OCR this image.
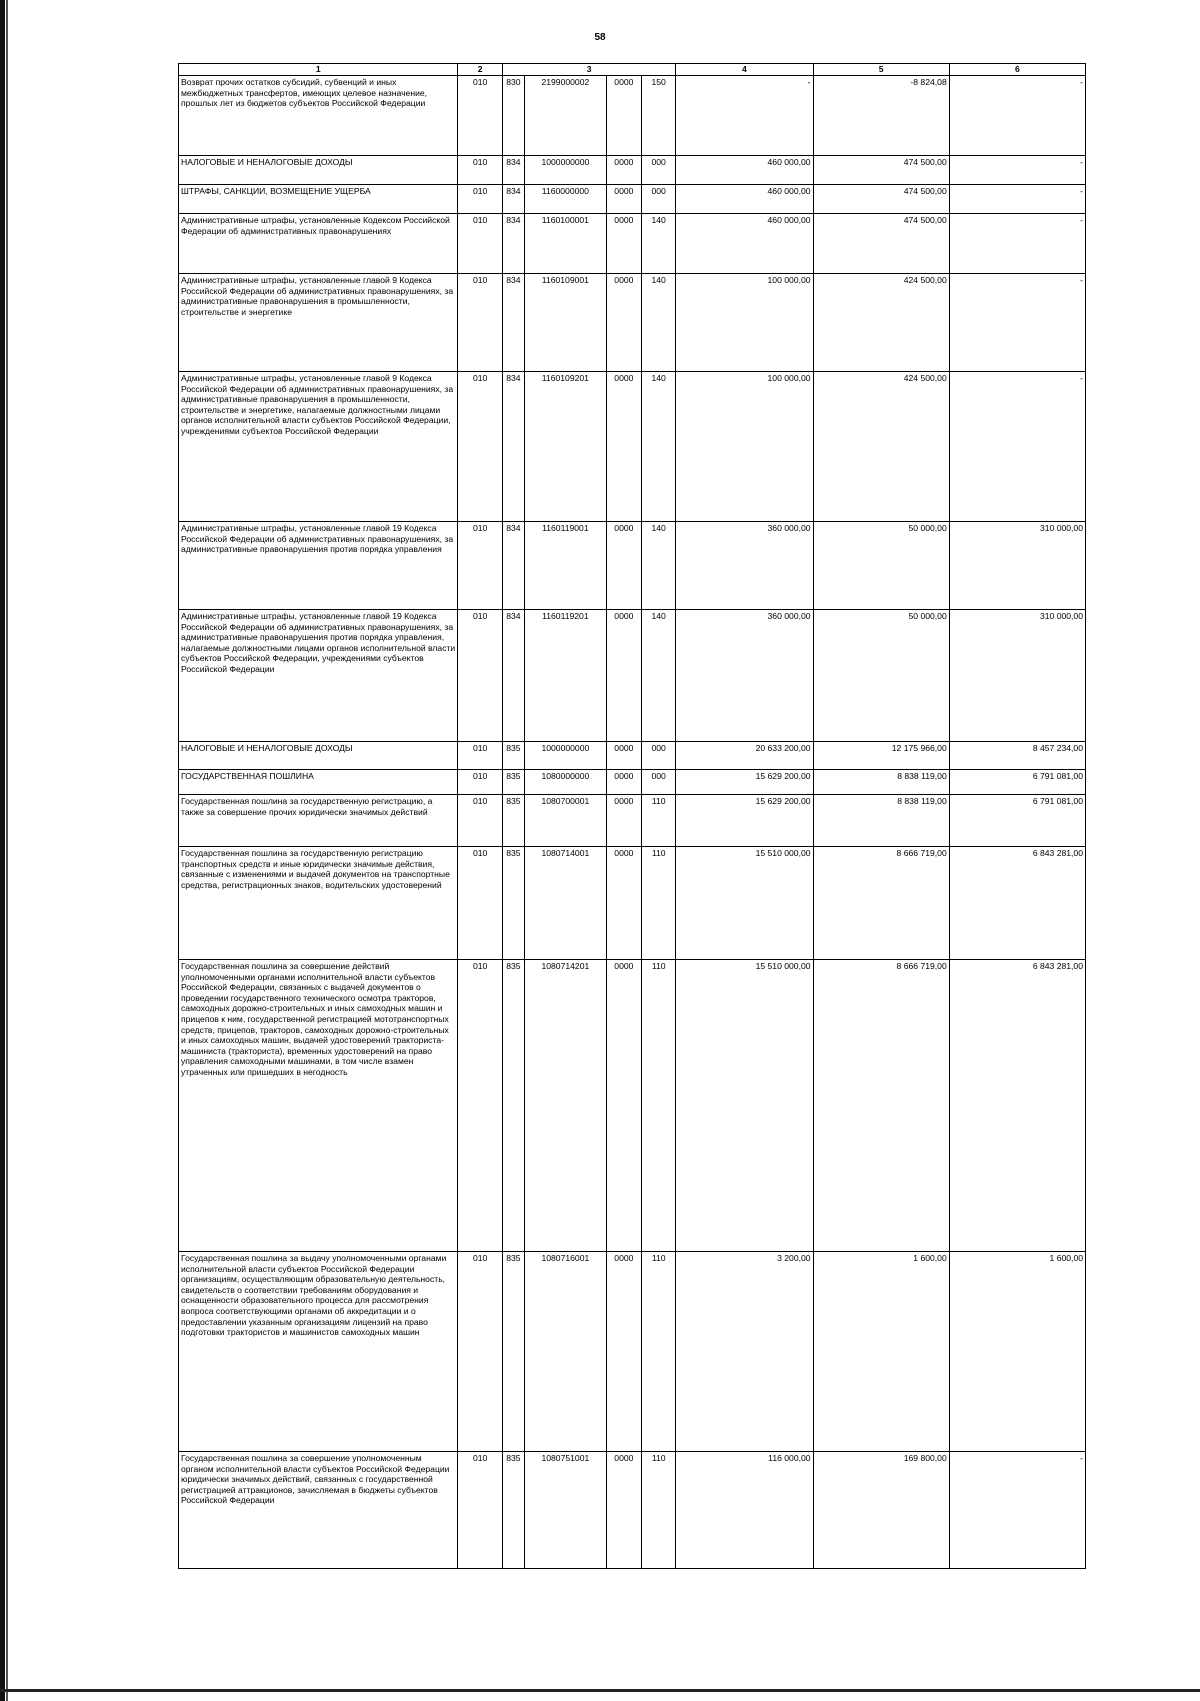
58
1	2	3				4	5	6
Возврат прочих остатков субсидий, субвенций и иных межбюджетных трансфертов, имеющих целевое назначение, прошлых лет из бюджетов субъектов Российской Федерации	010	830	2199000002	0000	150	-	-8 824,08	-
НАЛОГОВЫЕ И НЕНАЛОГОВЫЕ ДОХОДЫ	010	834	1000000000	0000	000	460 000,00	474 500,00	-
ШТРАФЫ, САНКЦИИ, ВОЗМЕЩЕНИЕ УЩЕРБА	010	834	1160000000	0000	000	460 000,00	474 500,00	-
Административные штрафы, установленные Кодексом Российской Федерации об административных правонарушениях	010	834	1160100001	0000	140	460 000,00	474 500,00	-
Административные штрафы, установленные главой 9 Кодекса Российской Федерации об административных правонарушениях, за административные правонарушения в промышленности, строительстве и энергетике	010	834	1160109001	0000	140	100 000,00	424 500,00	-
Административные штрафы, установленные главой 9 Кодекса Российской Федерации об административных правонарушениях, за административные правонарушения в промышленности, строительстве и энергетике, налагаемые должностными лицами органов исполнительной власти субъектов Российской Федерации, учреждениями субъектов Российской Федерации	010	834	1160109201	0000	140	100 000,00	424 500,00	-
Административные штрафы, установленные главой 19 Кодекса Российской Федерации об административных правонарушениях, за административные правонарушения против порядка управления	010	834	1160119001	0000	140	360 000,00	50 000,00	310 000,00
Административные штрафы, установленные главой 19 Кодекса Российской Федерации об административных правонарушениях, за административные правонарушения против порядка управления, налагаемые должностными лицами органов исполнительной власти субъектов Российской Федерации, учреждениями субъектов Российской Федерации	010	834	1160119201	0000	140	360 000,00	50 000,00	310 000,00
НАЛОГОВЫЕ И НЕНАЛОГОВЫЕ ДОХОДЫ	010	835	1000000000	0000	000	20 633 200,00	12 175 966,00	8 457 234,00
ГОСУДАРСТВЕННАЯ ПОШЛИНА	010	835	1080000000	0000	000	15 629 200,00	8 838 119,00	6 791 081,00
Государственная пошлина за государственную регистрацию, а также за совершение прочих юридически значимых действий	010	835	1080700001	0000	110	15 629 200,00	8 838 119,00	6 791 081,00
Государственная пошлина за государственную регистрацию транспортных средств и иные юридически значимые действия, связанные с изменениями и выдачей документов на транспортные средства, регистрационных знаков, водительских удостоверений	010	835	1080714001	0000	110	15 510 000,00	8 666 719,00	6 843 281,00
Государственная пошлина за совершение действий уполномоченными органами исполнительной власти субъектов Российской Федерации, связанных с выдачей документов о проведении государственного технического осмотра тракторов, самоходных дорожно-строительных и иных самоходных машин и прицепов к ним, государственной регистрацией мототранспортных средств, прицепов, тракторов, самоходных дорожно-строительных и иных самоходных машин, выдачей удостоверений тракториста-машиниста (тракториста), временных удостоверений на право управления самоходными машинами, в том числе взамен утраченных или пришедших в негодность	010	835	1080714201	0000	110	15 510 000,00	8 666 719,00	6 843 281,00
Государственная пошлина за выдачу уполномоченными органами исполнительной власти субъектов Российской Федерации организациям, осуществляющим образовательную деятельность, свидетельств о соответствии требованиям оборудования и оснащенности образовательного процесса для рассмотрения вопроса соответствующими органами об аккредитации и о предоставлении указанным организациям лицензий на право подготовки трактористов и машинистов самоходных машин	010	835	1080716001	0000	110	3 200,00	1 600,00	1 600,00
Государственная пошлина за совершение уполномоченным органом исполнительной власти субъектов Российской Федерации юридически значимых действий, связанных с государственной регистрацией аттракционов, зачисляемая в бюджеты субъектов Российской Федерации	010	835	1080751001	0000	110	116 000,00	169 800,00	-
